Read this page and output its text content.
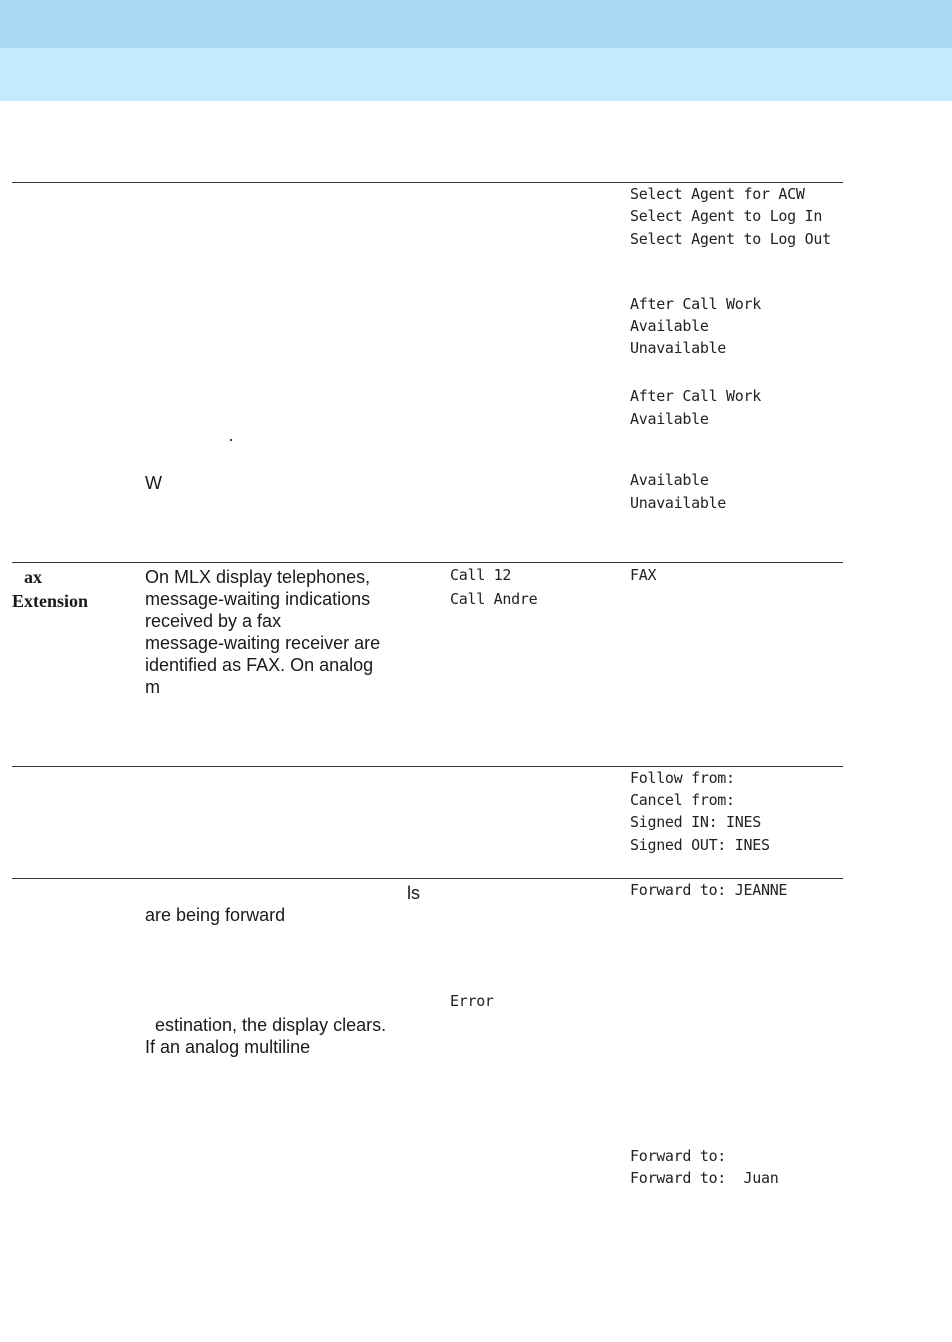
Select Agent for ACW
Select Agent to Log In
Select Agent to Log Out
After Call Work
Available
Unavailable
After Call Work
Available
Available
Unavailable
·
W
ax
Extension
On MLX display telephones,
message-waiting indications
received by a fax
message-waiting receiver are
identified as FAX. On analog
m
Call 12
Call Andre
FAX
Follow from:
Cancel from:
Signed IN: INES
Signed OUT: INES
ls
are being forward
estination, the display clears.
If an analog multiline
Error
Forward to: JEANNE
Forward to:
Forward to:  Juan
